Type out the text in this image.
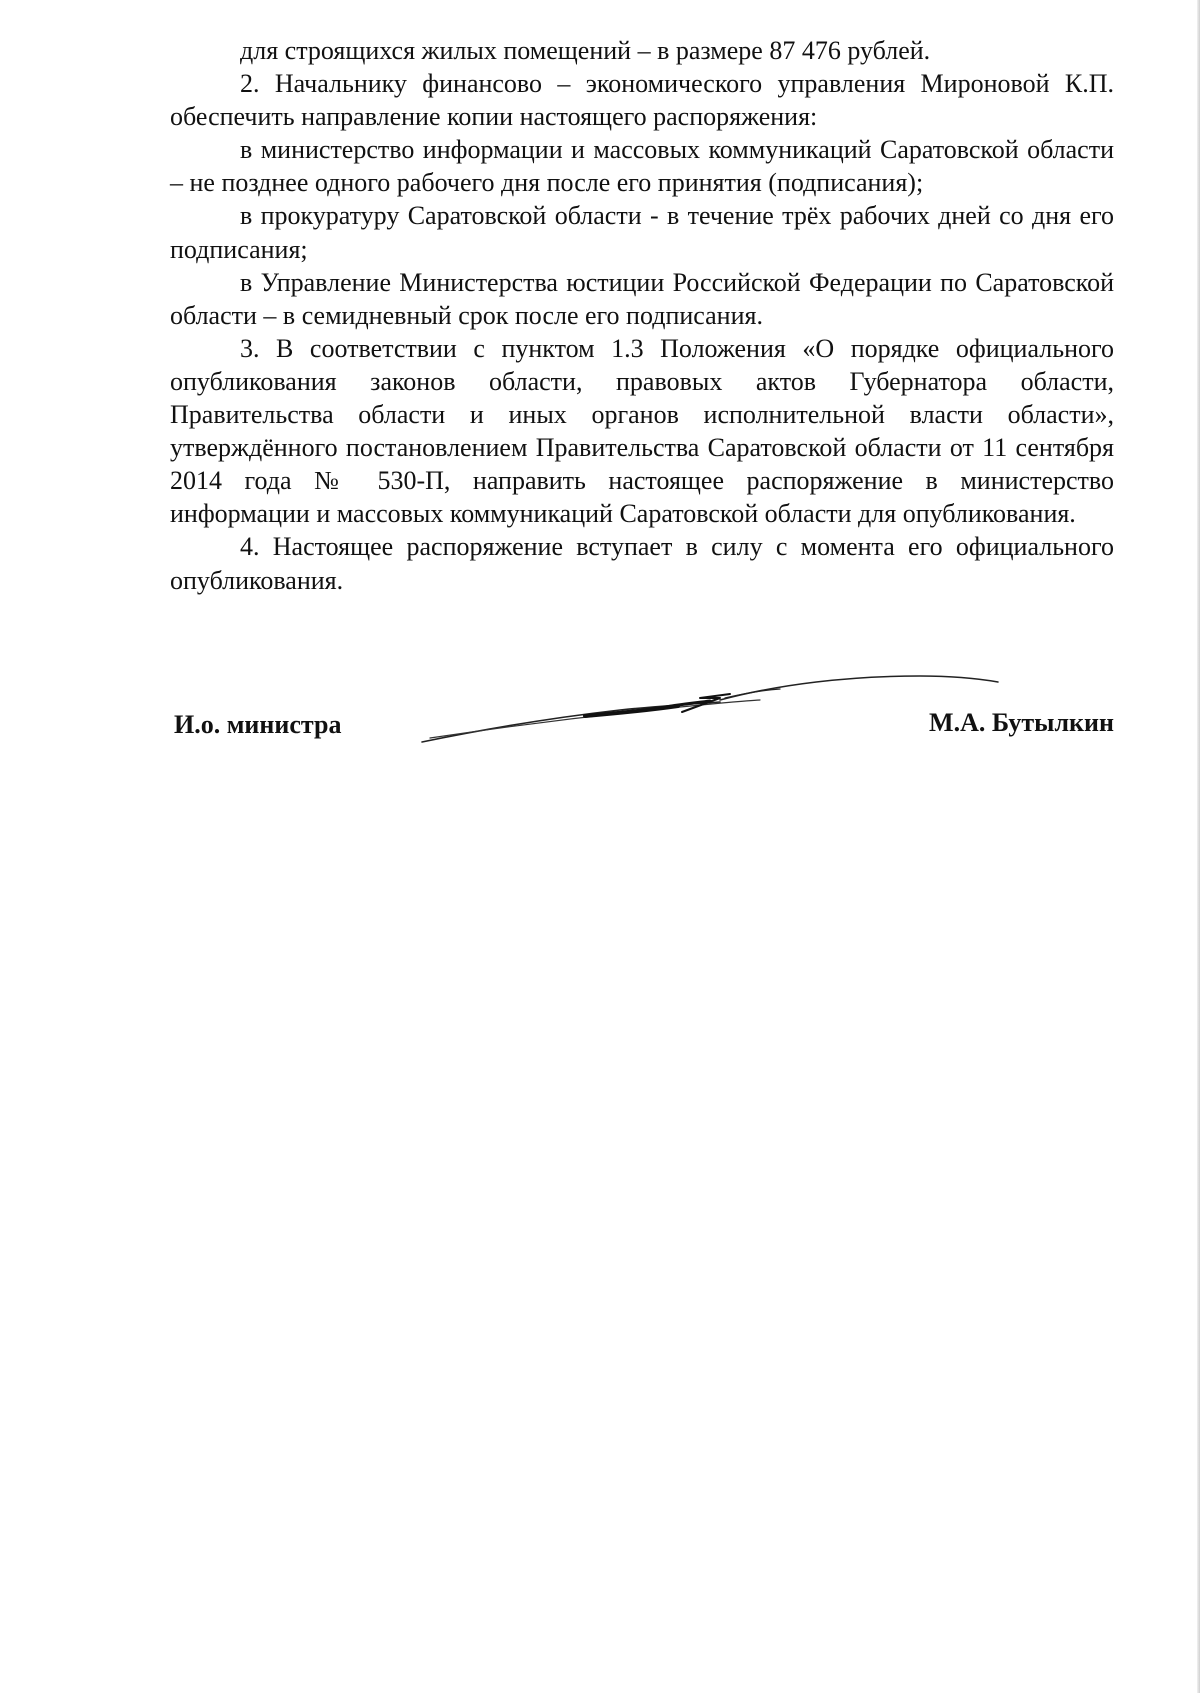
для строящихся жилых помещений – в размере 87 476 рублей.

2. Начальнику финансово – экономического управления Мироновой К.П. обеспечить направление копии настоящего распоряжения:

в министерство информации и массовых коммуникаций Саратовской области – не позднее одного рабочего дня после его принятия (подписания);

в прокуратуру Саратовской области - в течение трёх рабочих дней со дня его подписания;

в Управление Министерства юстиции Российской Федерации по Саратовской области – в семидневный срок после его подписания.

3. В соответствии с пунктом 1.3 Положения «О порядке официального опубликования законов области, правовых актов Губернатора области, Правительства области и иных органов исполнительной власти области», утверждённого постановлением Правительства Саратовской области от 11 сентября 2014 года № 530-П, направить настоящее распоряжение в министерство информации и массовых коммуникаций Саратовской области для опубликования.

4. Настоящее распоряжение вступает в силу с момента его официального опубликования.

И.о. министра	М.А. Бутылкин
